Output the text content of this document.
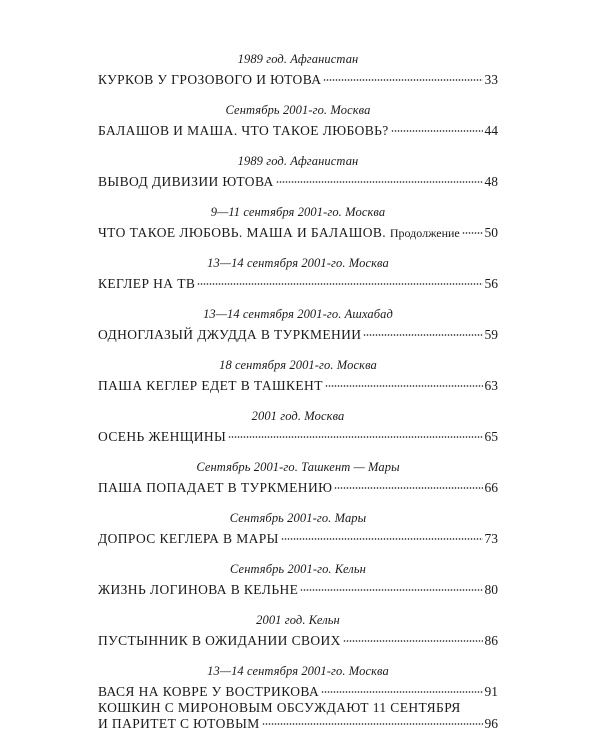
1989 год. Афганистан

КУРКОВ У ГРОЗОВОГО И ЮТОВА	33

Сентябрь 2001-го. Москва

БАЛАШОВ И МАША. ЧТО ТАКОЕ ЛЮБОВЬ?	44

1989 год. Афганистан

ВЫВОД ДИВИЗИИ ЮТОВА	48

9—11 сентября 2001-го. Москва

ЧТО ТАКОЕ ЛЮБОВЬ. МАША И БАЛАШОВ. Продолжение 50

13—14 сентября 2001-го. Москва

КЕГЛЕР НА ТВ	56

13—14 сентября 2001-го. Ашхабад

ОДНОГЛАЗЫЙ ДЖУДДА В ТУРКМЕНИИ	59

18 сентября 2001-го. Москва

ПАША КЕГЛЕР ЕДЕТ В ТАШКЕНТ	63

2001 год. Москва

ОСЕНЬ ЖЕНЩИНЫ	65

Сентябрь 2001-го. Ташкент — Мары

ПАША ПОПАДАЕТ В ТУРКМЕНИЮ	66

Сентябрь 2001-го. Мары

ДОПРОС КЕГЛЕРА В МАРЫ	73

Сентябрь 2001-го. Кельн

ЖИЗНЬ ЛОГИНОВА В КЕЛЬНЕ	80

2001 год. Кельн

ПУСТЫННИК В ОЖИДАНИИ СВОИХ	86

13—14 сентября 2001-го. Москва

ВАСЯ НА КОВРЕ У ВОСТРИКОВА	91
КОШКИН С МИРОНОВЫМ ОБСУЖДАЮТ 11 СЕНТЯБРЯ
И ПАРИТЕТ С ЮТОВЫМ	96
